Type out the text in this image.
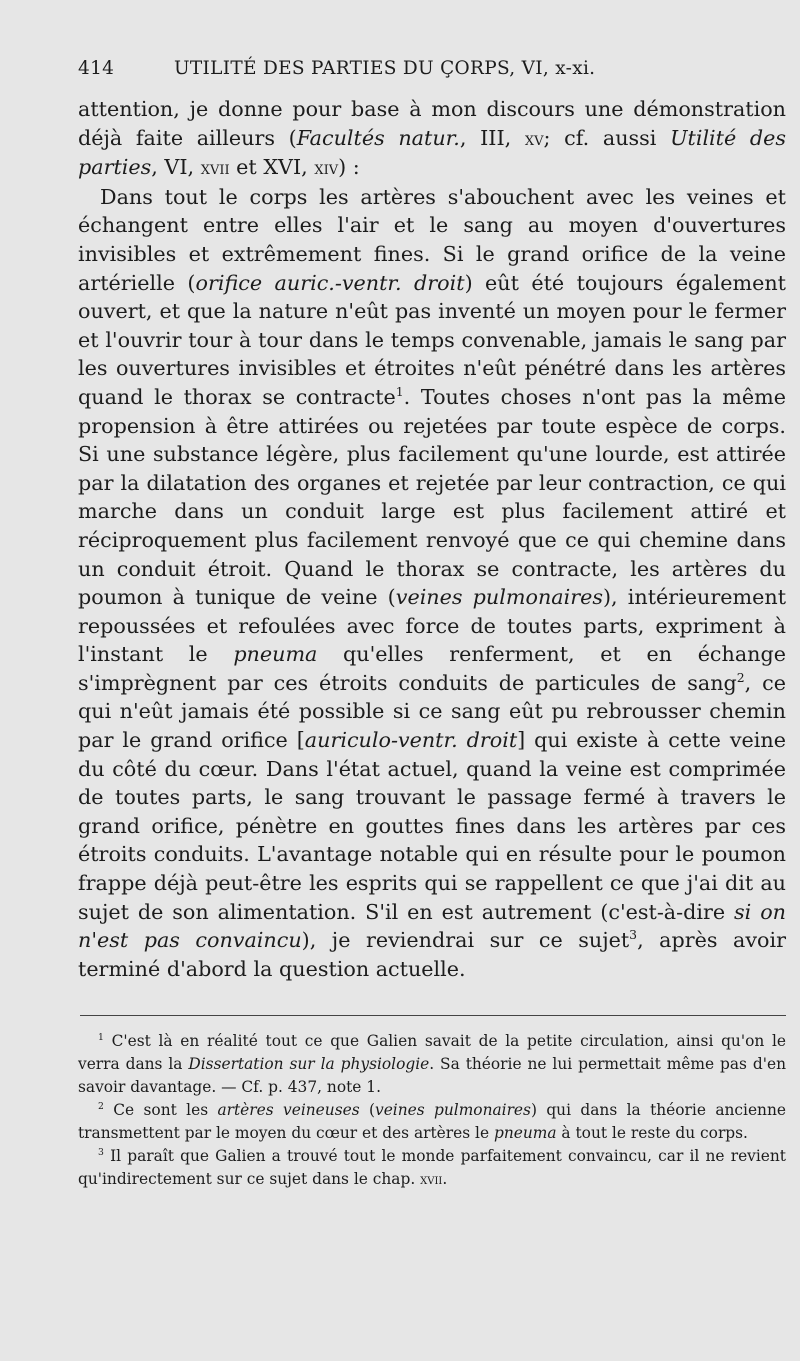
414	UTILITÉ DES PARTIES DU ÇORPS, VI, x-xi.

attention, je donne pour base à mon discours une démonstration déjà faite ailleurs (Facultés natur., III, xv; cf. aussi Utilité des parties, VI, xvii et XVI, xiv) :

Dans tout le corps les artères s'abouchent avec les veines et échangent entre elles l'air et le sang au moyen d'ouvertures invisibles et extrêmement fines. Si le grand orifice de la veine artérielle (orifice auric.-ventr. droit) eût été toujours également ouvert, et que la nature n'eût pas inventé un moyen pour le fermer et l'ouvrir tour à tour dans le temps convenable, jamais le sang par les ouvertures invisibles et étroites n'eût pénétré dans les artères quand le thorax se contracte$^1$. Toutes choses n'ont pas la même propension à être attirées ou rejetées par toute espèce de corps. Si une substance légère, plus facilement qu'une lourde, est attirée par la dilatation des organes et rejetée par leur contraction, ce qui marche dans un conduit large est plus facilement attiré et réciproquement plus facilement renvoyé que ce qui chemine dans un conduit étroit. Quand le thorax se contracte, les artères du poumon à tunique de veine (veines pulmonaires), intérieurement repoussées et refoulées avec force de toutes parts, expriment à l'instant le pneuma qu'elles renferment, et en échange s'imprègnent par ces étroits conduits de particules de sang$^2$, ce qui n'eût jamais été possible si ce sang eût pu rebrousser chemin par le grand orifice [auriculo-ventr. droit] qui existe à cette veine du côté du cœur. Dans l'état actuel, quand la veine est comprimée de toutes parts, le sang trouvant le passage fermé à travers le grand orifice, pénètre en gouttes fines dans les artères par ces étroits conduits. L'avantage notable qui en résulte pour le poumon frappe déjà peut-être les esprits qui se rappellent ce que j'ai dit au sujet de son alimentation. S'il en est autrement (c'est-à-dire si on n'est pas convaincu), je reviendrai sur ce sujet$^3$, après avoir terminé d'abord la question actuelle.

$^1$ C'est là en réalité tout ce que Galien savait de la petite circulation, ainsi qu'on le verra dans la Dissertation sur la physiologie. Sa théorie ne lui permettait même pas d'en savoir davantage. — Cf. p. 437, note 1.

$^2$ Ce sont les artères veineuses (veines pulmonaires) qui dans la théorie ancienne transmettent par le moyen du cœur et des artères le pneuma à tout le reste du corps.

$^3$ Il paraît que Galien a trouvé tout le monde parfaitement convaincu, car il ne revient qu'indirectement sur ce sujet dans le chap. xvii.
